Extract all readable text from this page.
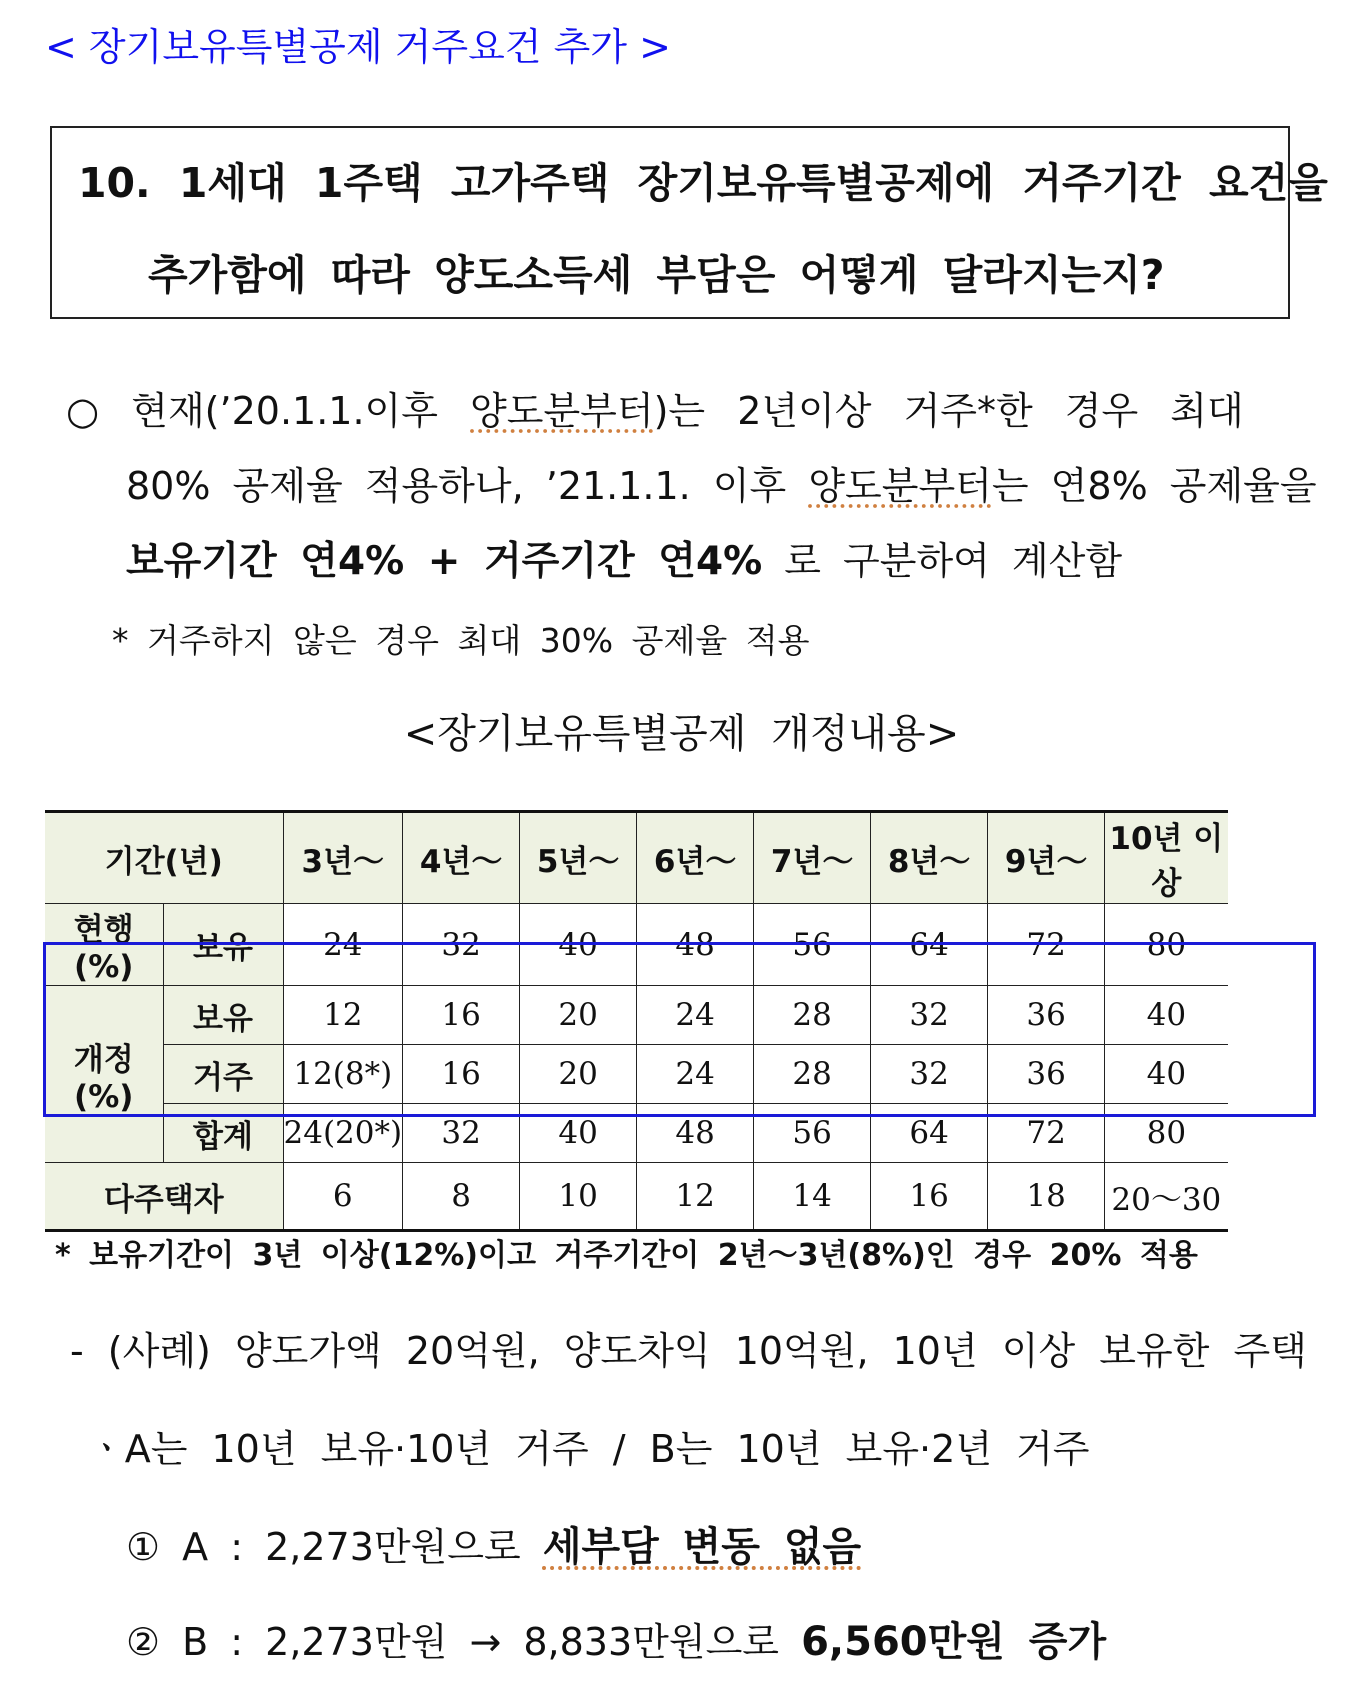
< 장기보유특별공제 거주요건 추가 >
10. 1세대 1주택 고가주택 장기보유특별공제에 거주기간 요건을
추가함에 따라 양도소득세 부담은 어떻게 달라지는지?
○ 현재(’20.1.1.이후 양도분부터)는 2년이상 거주*한 경우 최대
80% 공제율 적용하나, ’21.1.1. 이후 양도분부터는 연8% 공제율을
보유기간 연4% + 거주기간 연4% 로 구분하여 계산함
* 거주하지 않은 경우 최대 30% 공제율 적용
<장기보유특별공제 개정내용>
기간(년)		3년～	4년～	5년～	6년～	7년～	8년～	9년～	10년 이상
현행(%)	보유	24	32	40	48	56	64	72	80
개정(%)	보유	12	16	20	24	28	32	36	40
	거주	12(8*)	16	20	24	28	32	36	40
	합계	24(20*)	32	40	48	56	64	72	80
다주택자		6	8	10	12	14	16	18	20～30
* 보유기간이 3년 이상(12%)이고 거주기간이 2년～3년(8%)인 경우 20% 적용
- (사례) 양도가액 20억원, 양도차익 10억원, 10년 이상 보유한 주택
ㆍA는 10년 보유·10년 거주 / B는 10년 보유·2년 거주
① A : 2,273만원으로 세부담 변동 없음
② B : 2,273만원 → 8,833만원으로 6,560만원 증가
